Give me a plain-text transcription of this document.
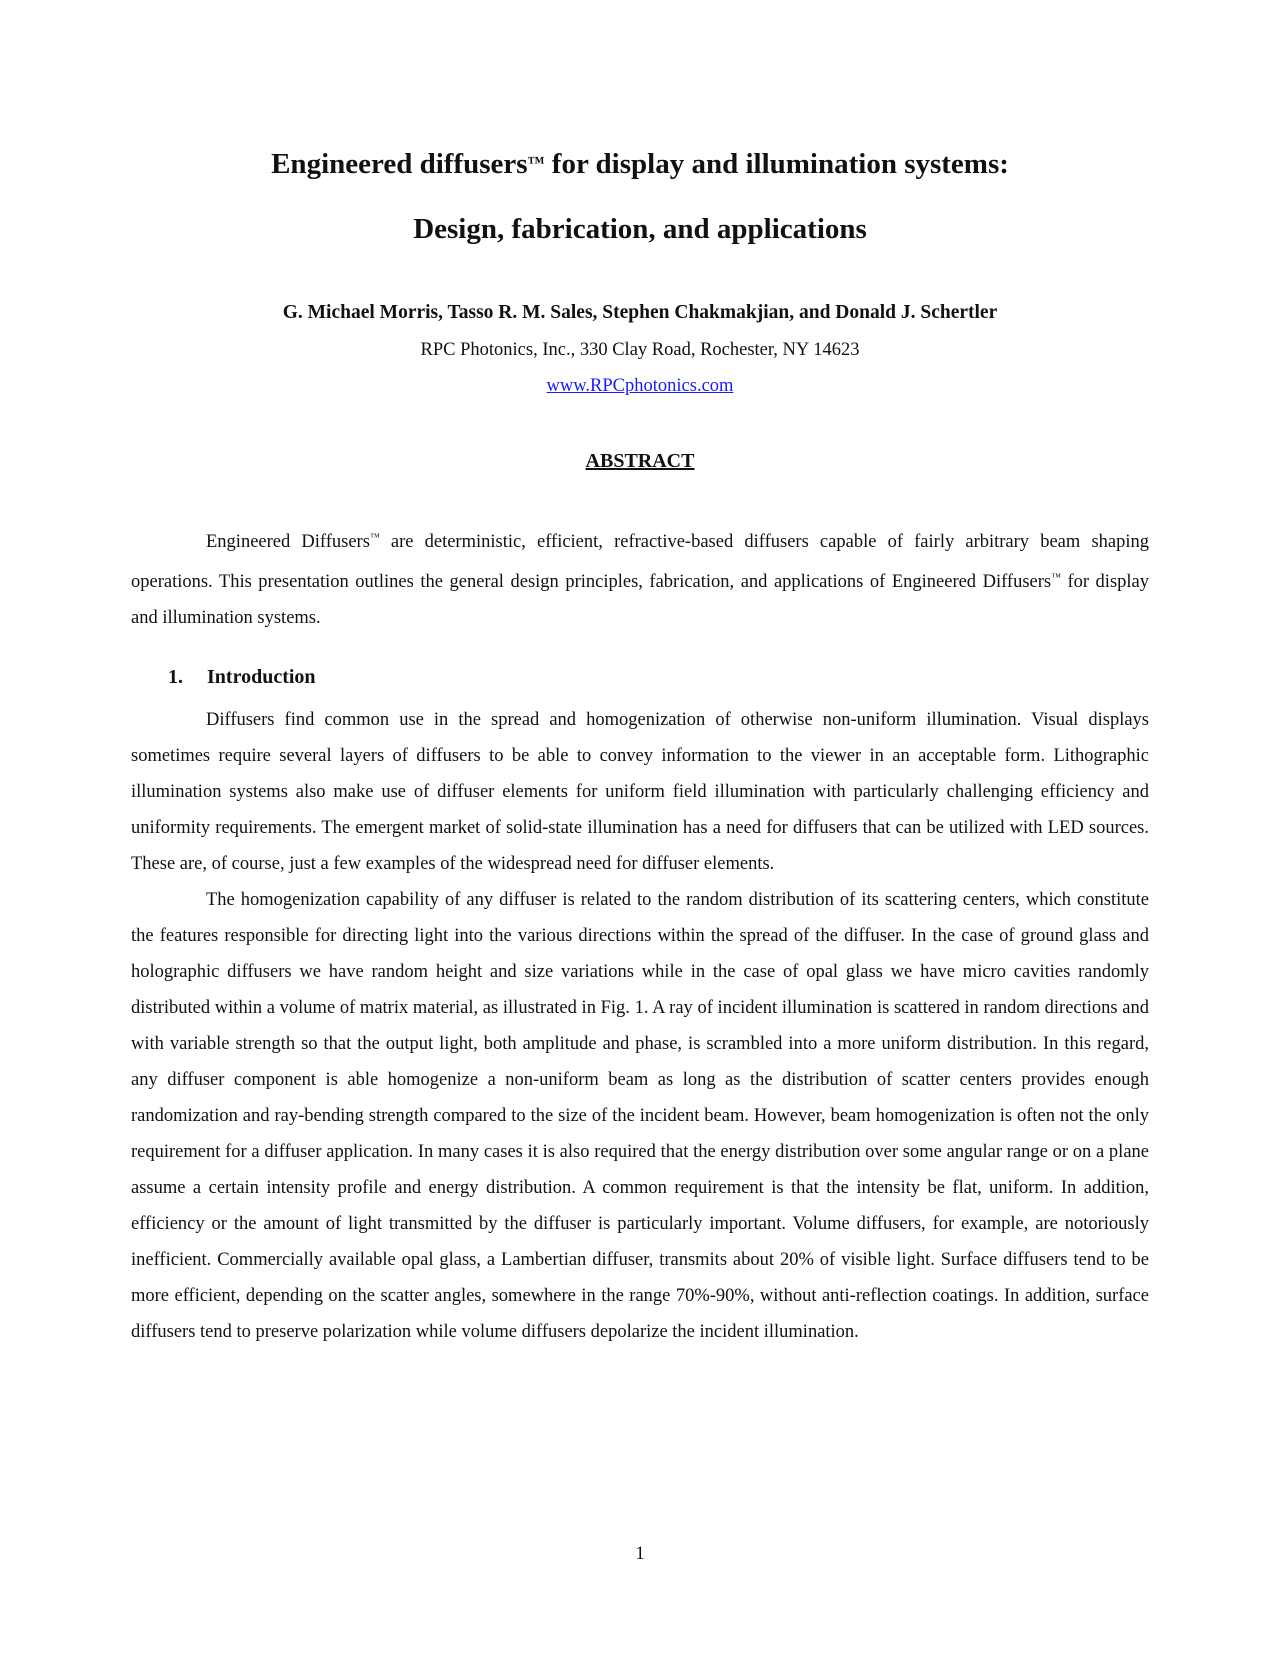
Engineered diffusers™ for display and illumination systems:
Design, fabrication, and applications
G. Michael Morris, Tasso R. M. Sales, Stephen Chakmakjian, and Donald J. Schertler
RPC Photonics, Inc., 330 Clay Road, Rochester, NY 14623
www.RPCphotonics.com
ABSTRACT

Engineered Diffusers™ are deterministic, efficient, refractive-based diffusers capable of fairly arbitrary beam shaping operations. This presentation outlines the general design principles, fabrication, and applications of Engineered Diffusers™ for display and illumination systems.

1. Introduction

Diffusers find common use in the spread and homogenization of otherwise non-uniform illumination. Visual displays sometimes require several layers of diffusers to be able to convey information to the viewer in an acceptable form. Lithographic illumination systems also make use of diffuser elements for uniform field illumination with particularly challenging efficiency and uniformity requirements. The emergent market of solid-state illumination has a need for diffusers that can be utilized with LED sources. These are, of course, just a few examples of the widespread need for diffuser elements.

The homogenization capability of any diffuser is related to the random distribution of its scattering centers, which constitute the features responsible for directing light into the various directions within the spread of the diffuser. In the case of ground glass and holographic diffusers we have random height and size variations while in the case of opal glass we have micro cavities randomly distributed within a volume of matrix material, as illustrated in Fig. 1. A ray of incident illumination is scattered in random directions and with variable strength so that the output light, both amplitude and phase, is scrambled into a more uniform distribution. In this regard, any diffuser component is able homogenize a non-uniform beam as long as the distribution of scatter centers provides enough randomization and ray-bending strength compared to the size of the incident beam. However, beam homogenization is often not the only requirement for a diffuser application. In many cases it is also required that the energy distribution over some angular range or on a plane assume a certain intensity profile and energy distribution. A common requirement is that the intensity be flat, uniform. In addition, efficiency or the amount of light transmitted by the diffuser is particularly important. Volume diffusers, for example, are notoriously inefficient. Commercially available opal glass, a Lambertian diffuser, transmits about 20% of visible light. Surface diffusers tend to be more efficient, depending on the scatter angles, somewhere in the range 70%-90%, without anti-reflection coatings. In addition, surface diffusers tend to preserve polarization while volume diffusers depolarize the incident illumination.

1
